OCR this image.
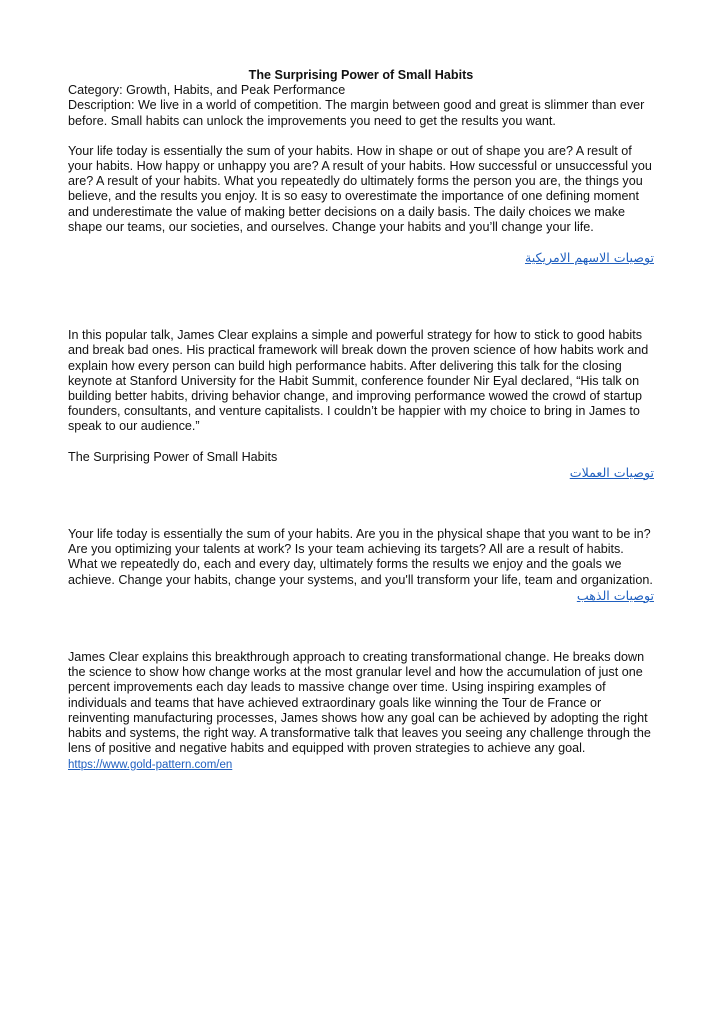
The Surprising Power of Small Habits

Category: Growth, Habits, and Peak Performance

Description: We live in a world of competition. The margin between good and great is slimmer than ever before. Small habits can unlock the improvements you need to get the results you want.

Your life today is essentially the sum of your habits. How in shape or out of shape you are? A result of your habits. How happy or unhappy you are? A result of your habits. How successful or unsuccessful you are? A result of your habits. What you repeatedly do ultimately forms the person you are, the things you believe, and the results you enjoy. It is so easy to overestimate the importance of one defining moment and underestimate the value of making better decisions on a daily basis. The daily choices we make shape our teams, our societies, and ourselves. Change your habits and you’ll change your life.

توصيات الاسهم الامريكية

In this popular talk, James Clear explains a simple and powerful strategy for how to stick to good habits and break bad ones. His practical framework will break down the proven science of how habits work and explain how every person can build high performance habits. After delivering this talk for the closing keynote at Stanford University for the Habit Summit, conference founder Nir Eyal declared, “His talk on building better habits, driving behavior change, and improving performance wowed the crowd of startup founders, consultants, and venture capitalists. I couldn’t be happier with my choice to bring in James to speak to our audience.”

The Surprising Power of Small Habits

توصيات العملات

Your life today is essentially the sum of your habits. Are you in the physical shape that you want to be in? Are you optimizing your talents at work? Is your team achieving its targets? All are a result of habits. What we repeatedly do, each and every day, ultimately forms the results we enjoy and the goals we achieve. Change your habits, change your systems, and you'll transform your life, team and organization.

توصيات الذهب

James Clear explains this breakthrough approach to creating transformational change. He breaks down the science to show how change works at the most granular level and how the accumulation of just one percent improvements each day leads to massive change over time. Using inspiring examples of individuals and teams that have achieved extraordinary goals like winning the Tour de France or reinventing manufacturing processes, James shows how any goal can be achieved by adopting the right habits and systems, the right way. A transformative talk that leaves you seeing any challenge through the lens of positive and negative habits and equipped with proven strategies to achieve any goal.

https://www.gold-pattern.com/en
